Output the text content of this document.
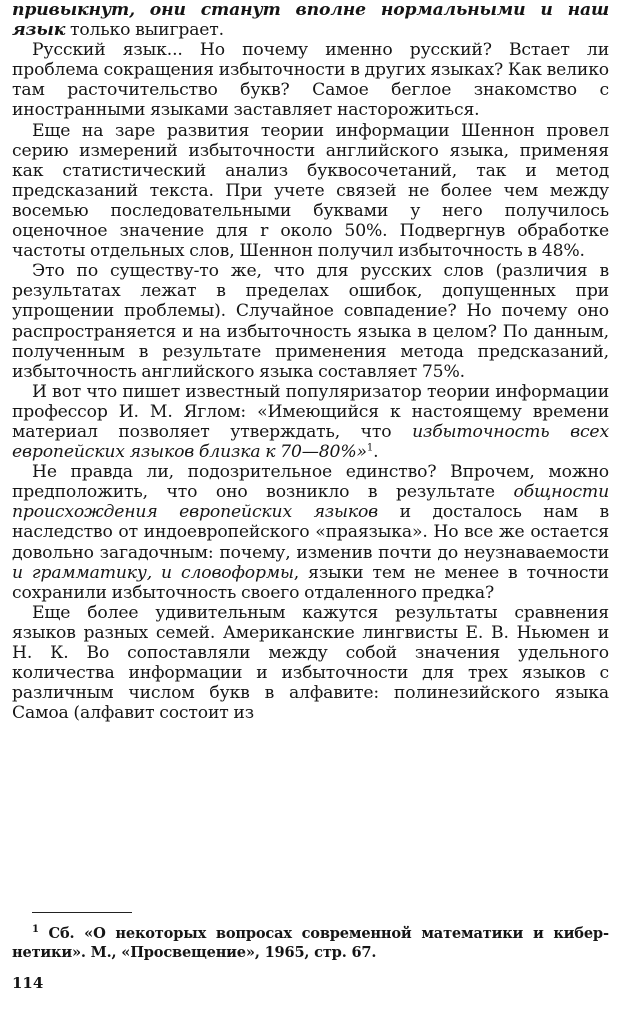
привыкнут, они станут вполне нормальными и наш язык только выиграет.

Русский язык... Но почему именно русский? Встает ли проблема сокращения избыточности в других языках? Как велико там расточительство букв? Самое беглое знакомство с иностранными языками заставляет насторожиться.

Еще на заре развития теории информации Шеннон провел серию измерений избыточности английского языка, применяя как статистический анализ буквосочетаний, так и метод предсказаний текста. При учете связей не более чем между восемью последовательными буквами у него получилось оценочное значение для r около 50%. Подвергнув обработке частоты отдельных слов, Шеннон получил избыточность в 48%.

Это по существу-то же, что для русских слов (различия в результатах лежат в пределах ошибок, допущенных при упрощении проблемы). Случайное совпадение? Но почему оно распространяется и на избыточность языка в целом? По данным, полученным в результате применения метода предсказаний, избыточность английского языка составляет 75%.

И вот что пишет известный популяризатор теории информации профессор И. М. Яглом: «Имеющийся к настоящему времени материал позволяет утверждать, что избыточность всех европейских языков близка к 70—80%»$^1$.

Не правда ли, подозрительное единство? Впрочем, можно предположить, что оно возникло в результате общности происхождения европейских языков и досталось нам в наследство от индоевропейского «праязыка». Но все же остается довольно загадочным: почему, изменив почти до неузнаваемости и грамматику, и словоформы, языки тем не менее в точности сохранили избыточность своего отдаленного предка?

Еще более удивительным кажутся результаты сравнения языков разных семей. Американские лингвисты Е. В. Ньюмен и Н. К. Во сопоставляли между собой значения удельного количества информации и избыточности для трех языков с различным числом букв в алфавите: полинезийского языка Самоа (алфавит состоит из

$^1$ Сб. «О некоторых вопросах современной математики и кибернетики». М., «Просвещение», 1965, стр. 67.

114
